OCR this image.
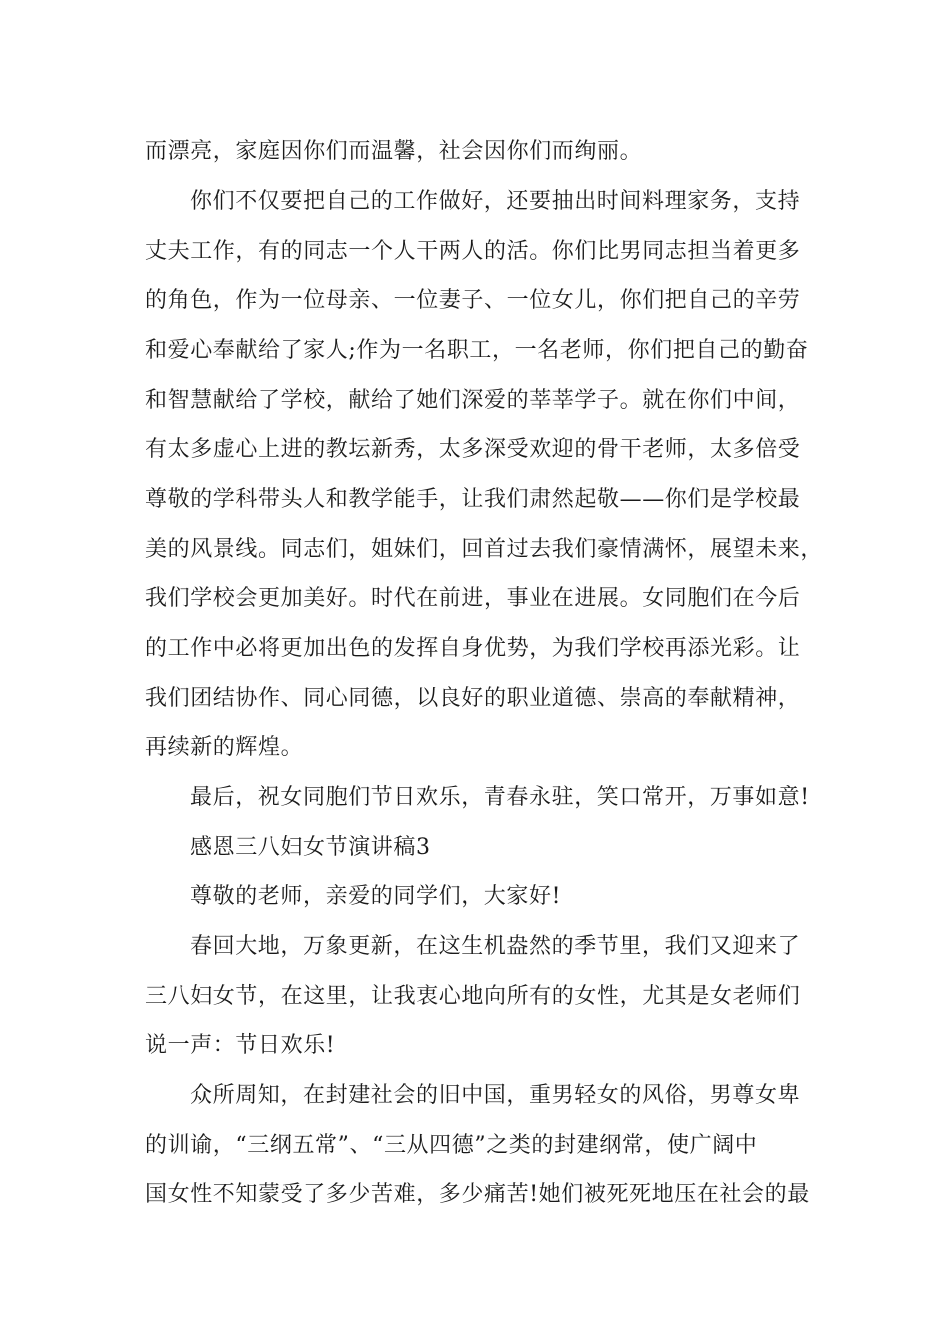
而漂亮，家庭因你们而温馨，社会因你们而绚丽。
你们不仅要把自己的工作做好，还要抽出时间料理家务，支持
丈夫工作，有的同志一个人干两人的活。你们比男同志担当着更多
的角色，作为一位母亲、一位妻子、一位女儿，你们把自己的辛劳
和爱心奉献给了家人;作为一名职工，一名老师，你们把自己的勤奋
和智慧献给了学校，献给了她们深爱的莘莘学子。就在你们中间，
有太多虚心上进的教坛新秀，太多深受欢迎的骨干老师，太多倍受
尊敬的学科带头人和教学能手，让我们肃然起敬——你们是学校最
美的风景线。同志们，姐妹们，回首过去我们豪情满怀，展望未来，
我们学校会更加美好。时代在前进，事业在进展。女同胞们在今后
的工作中必将更加出色的发挥自身优势，为我们学校再添光彩。让
我们团结协作、同心同德，以良好的职业道德、崇高的奉献精神，
再续新的辉煌。
最后，祝女同胞们节日欢乐，青春永驻，笑口常开，万事如意!
感恩三八妇女节演讲稿3
尊敬的老师，亲爱的同学们，大家好!
春回大地，万象更新，在这生机盎然的季节里，我们又迎来了
三八妇女节，在这里，让我衷心地向所有的女性，尤其是女老师们
说一声：节日欢乐!
众所周知，在封建社会的旧中国，重男轻女的风俗，男尊女卑
的训谕，“三纲五常”、“三从四德”之类的封建纲常，使广阔中
国女性不知蒙受了多少苦难，多少痛苦!她们被死死地压在社会的最
